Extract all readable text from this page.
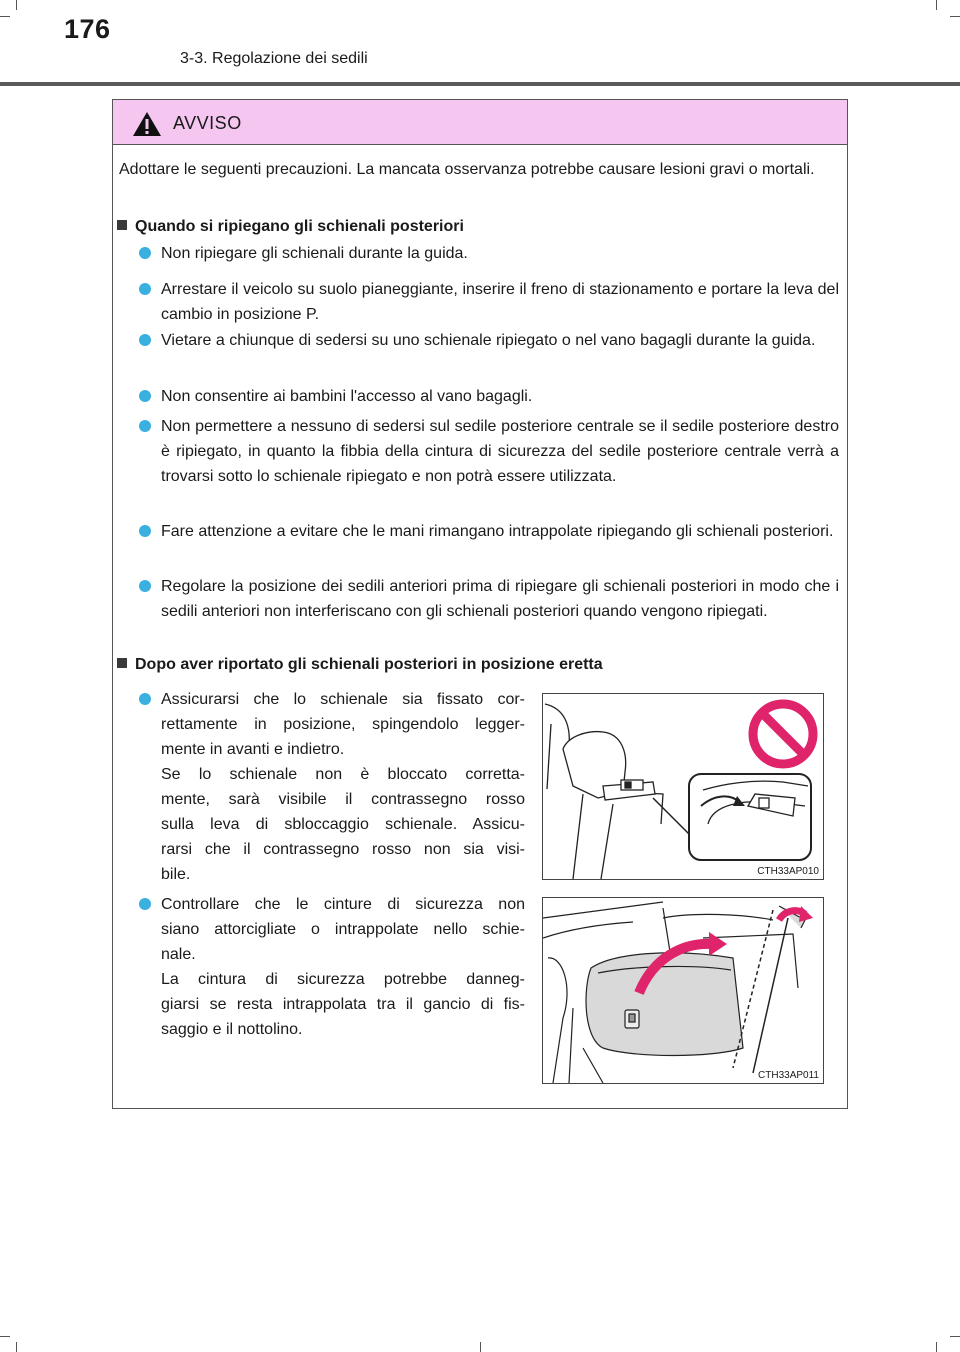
176
3-3. Regolazione dei sedili
AVVISO
Adottare le seguenti precauzioni. La mancata osservanza potrebbe causare lesioni gravi o mortali.
Quando si ripiegano gli schienali posteriori
Non ripiegare gli schienali durante la guida.
Arrestare il veicolo su suolo pianeggiante, inserire il freno di stazionamento e portare la leva del cambio in posizione P.
Vietare a chiunque di sedersi su uno schienale ripiegato o nel vano bagagli durante la guida.
Non consentire ai bambini l'accesso al vano bagagli.
Non permettere a nessuno di sedersi sul sedile posteriore centrale se il sedile posteriore destro è ripiegato, in quanto la fibbia della cintura di sicurezza del sedile posteriore centrale verrà a trovarsi sotto lo schienale ripiegato e non potrà essere utilizzata.
Fare attenzione a evitare che le mani rimangano intrappolate ripiegando gli schienali posteriori.
Regolare la posizione dei sedili anteriori prima di ripiegare gli schienali posteriori in modo che i sedili anteriori non interferiscano con gli schienali posteriori quando vengono ripiegati.
Dopo aver riportato gli schienali posteriori in posizione eretta
Assicurarsi che lo schienale sia fissato cor-
rettamente in posizione, spingendolo legger-
mente in avanti e indietro.
Se lo schienale non è bloccato corretta-
mente, sarà visibile il contrassegno rosso
sulla leva di sbloccaggio schienale. Assicu-
rarsi che il contrassegno rosso non sia visi-
bile.	CTH33AP010
Controllare che le cinture di sicurezza non
siano attorcigliate o intrappolate nello schie-
nale.
La cintura di sicurezza potrebbe danneg-
giarsi se resta intrappolata tra il gancio di fis-
saggio e il nottolino.
CTH33AP011
